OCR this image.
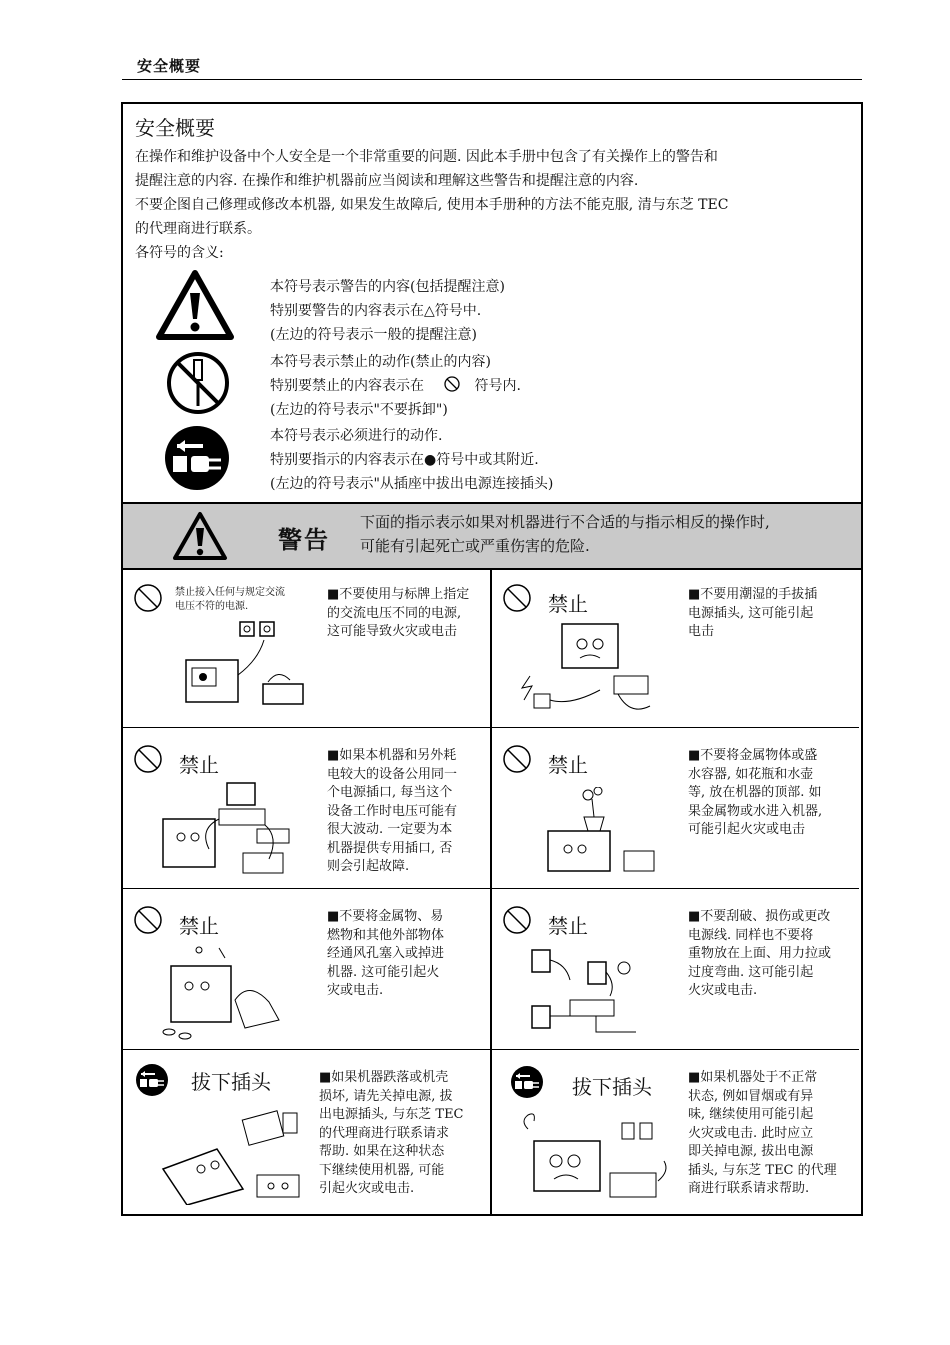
安全概要
安全概要

在操作和维护设备中个人安全是一个非常重要的问题. 因此本手册中包含了有关操作上的警告和

提醒注意的内容. 在操作和维护机器前应当阅读和理解这些警告和提醒注意的内容.

不要企图自己修理或修改本机器, 如果发生故障后, 使用本手册种的方法不能克服, 清与东芝 TEC

的代理商进行联系。

各符号的含义:

本符号表示警告的内容(包括提醒注意)
特别要警告的内容表示在△符号中.
(左边的符号表示一般的提醒注意)
本符号表示禁止的动作(禁止的内容)
特别要禁止的内容表示在	符号内.
(左边的符号表示"不要拆卸")
本符号表示必须进行的动作.
特别要指示的内容表示在●符号中或其附近.
(左边的符号表示"从插座中拔出电源连接插头)
警告
下面的指示表示如果对机器进行不合适的与指示相反的操作时,
可能有引起死亡或严重伤害的危险.
禁止接入任何与规定交流
电压不符的电源.
■不要使用与标牌上指定
的交流电压不同的电源,
这可能导致火灾或电击
禁止	■不要用潮湿的手拔插
电源插头, 这可能引起
电击
禁止	■如果本机器和另外耗
电较大的设备公用同一
个电源插口, 每当这个
设备工作时电压可能有
很大波动. 一定要为本
机器提供专用插口, 否
则会引起故障.
禁止	■不要将金属物体或盛
水容器, 如花瓶和水壶
等, 放在机器的顶部. 如
果金属物或水进入机器,
可能引起火灾或电击
禁止	■不要将金属物、易
燃物和其他外部物体
经通风孔塞入或掉进
机器. 这可能引起火
灾或电击.
禁止	■不要刮破、损伤或更改
电源线. 同样也不要将
重物放在上面、用力拉或
过度弯曲. 这可能引起
火灾或电击.
拔下插头	■如果机器跌落或机壳
损坏, 请先关掉电源, 拔
出电源插头, 与东芝 TEC
的代理商进行联系请求
帮助. 如果在这种状态
下继续使用机器, 可能
引起火灾或电击.
拔下插头	■如果机器处于不正常
状态, 例如冒烟或有异
味, 继续使用可能引起
火灾或电击. 此时应立
即关掉电源, 拔出电源
插头, 与东芝 TEC 的代理
商进行联系请求帮助.
